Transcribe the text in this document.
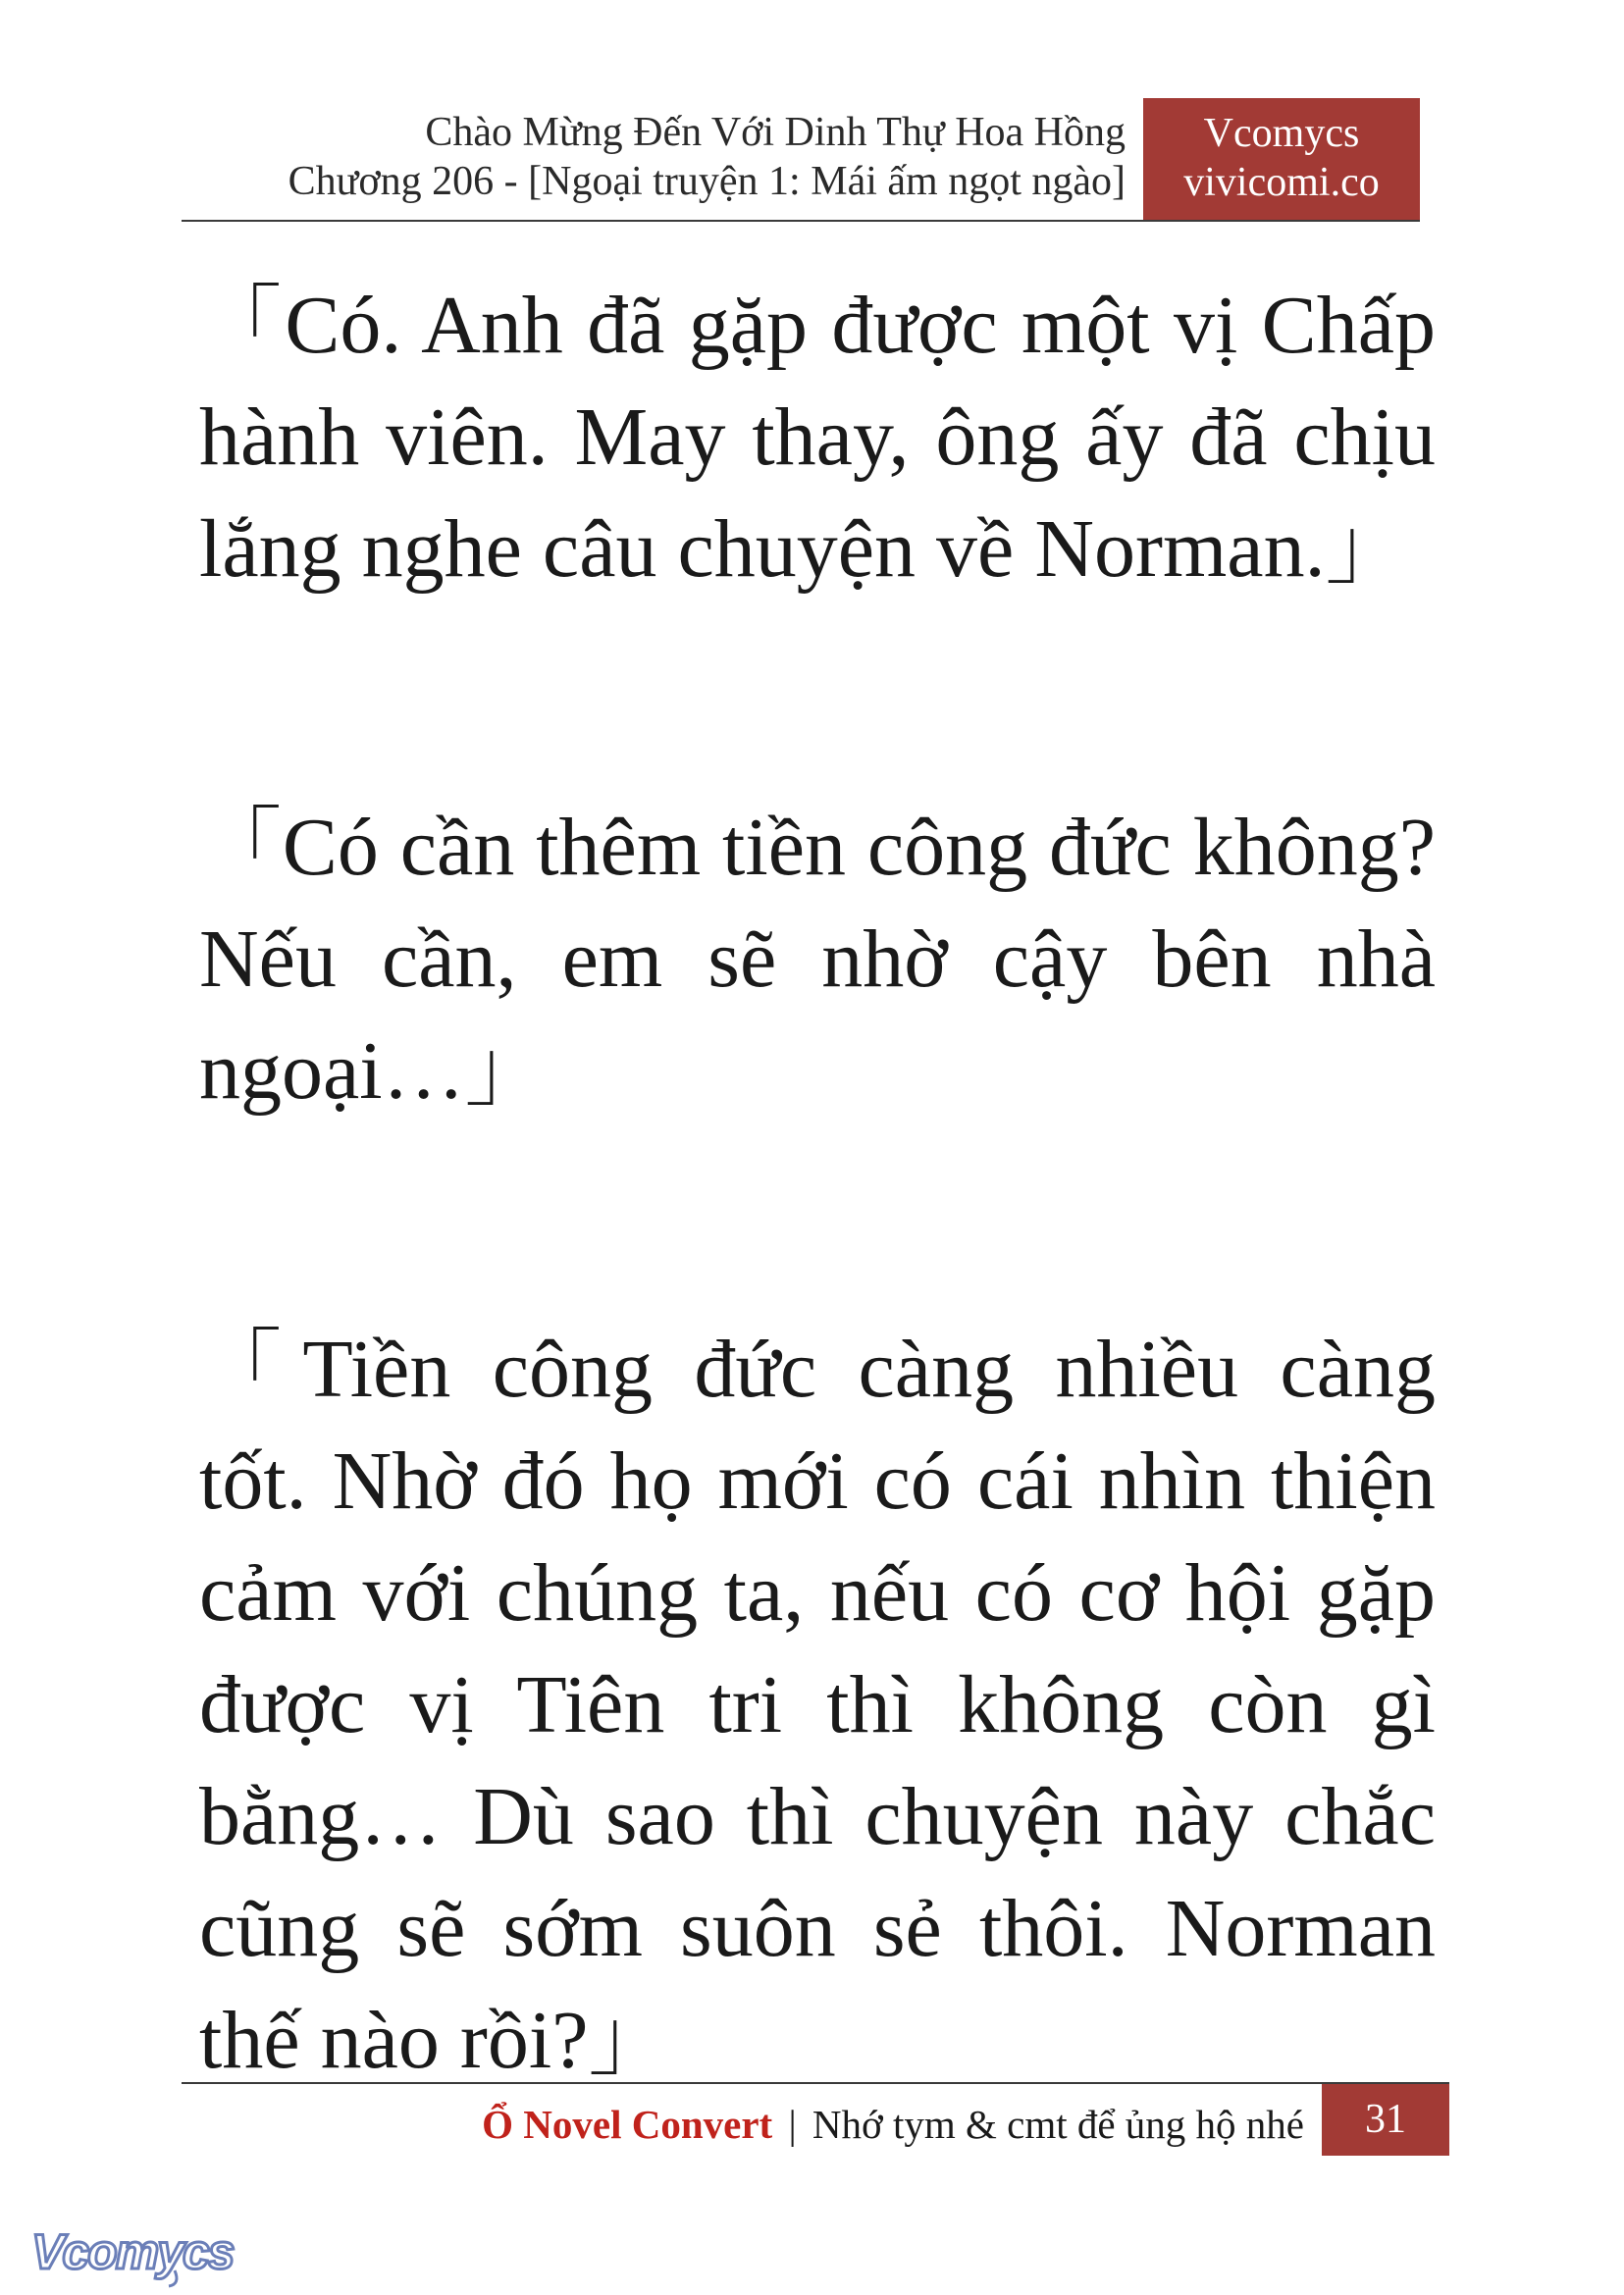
Chào Mừng Đến Với Dinh Thự Hoa Hồng
Chương 206 - [Ngoại truyện 1: Mái ấm ngọt ngào]
Vcomycs
vivicomi.co

「Có. Anh đã gặp được một vị Chấp hành viên. May thay, ông ấy đã chịu lắng nghe câu chuyện về Norman.」

「Có cần thêm tiền công đức không? Nếu cần, em sẽ nhờ cậy bên nhà ngoại…」

「Tiền công đức càng nhiều càng tốt. Nhờ đó họ mới có cái nhìn thiện cảm với chúng ta, nếu có cơ hội gặp được vị Tiên tri thì không còn gì bằng… Dù sao thì chuyện này chắc cũng sẽ sớm suôn sẻ thôi. Norman thế nào rồi?」

Ổ Novel Convert | Nhớ tym & cmt để ủng hộ nhé	31
Vcomycs
